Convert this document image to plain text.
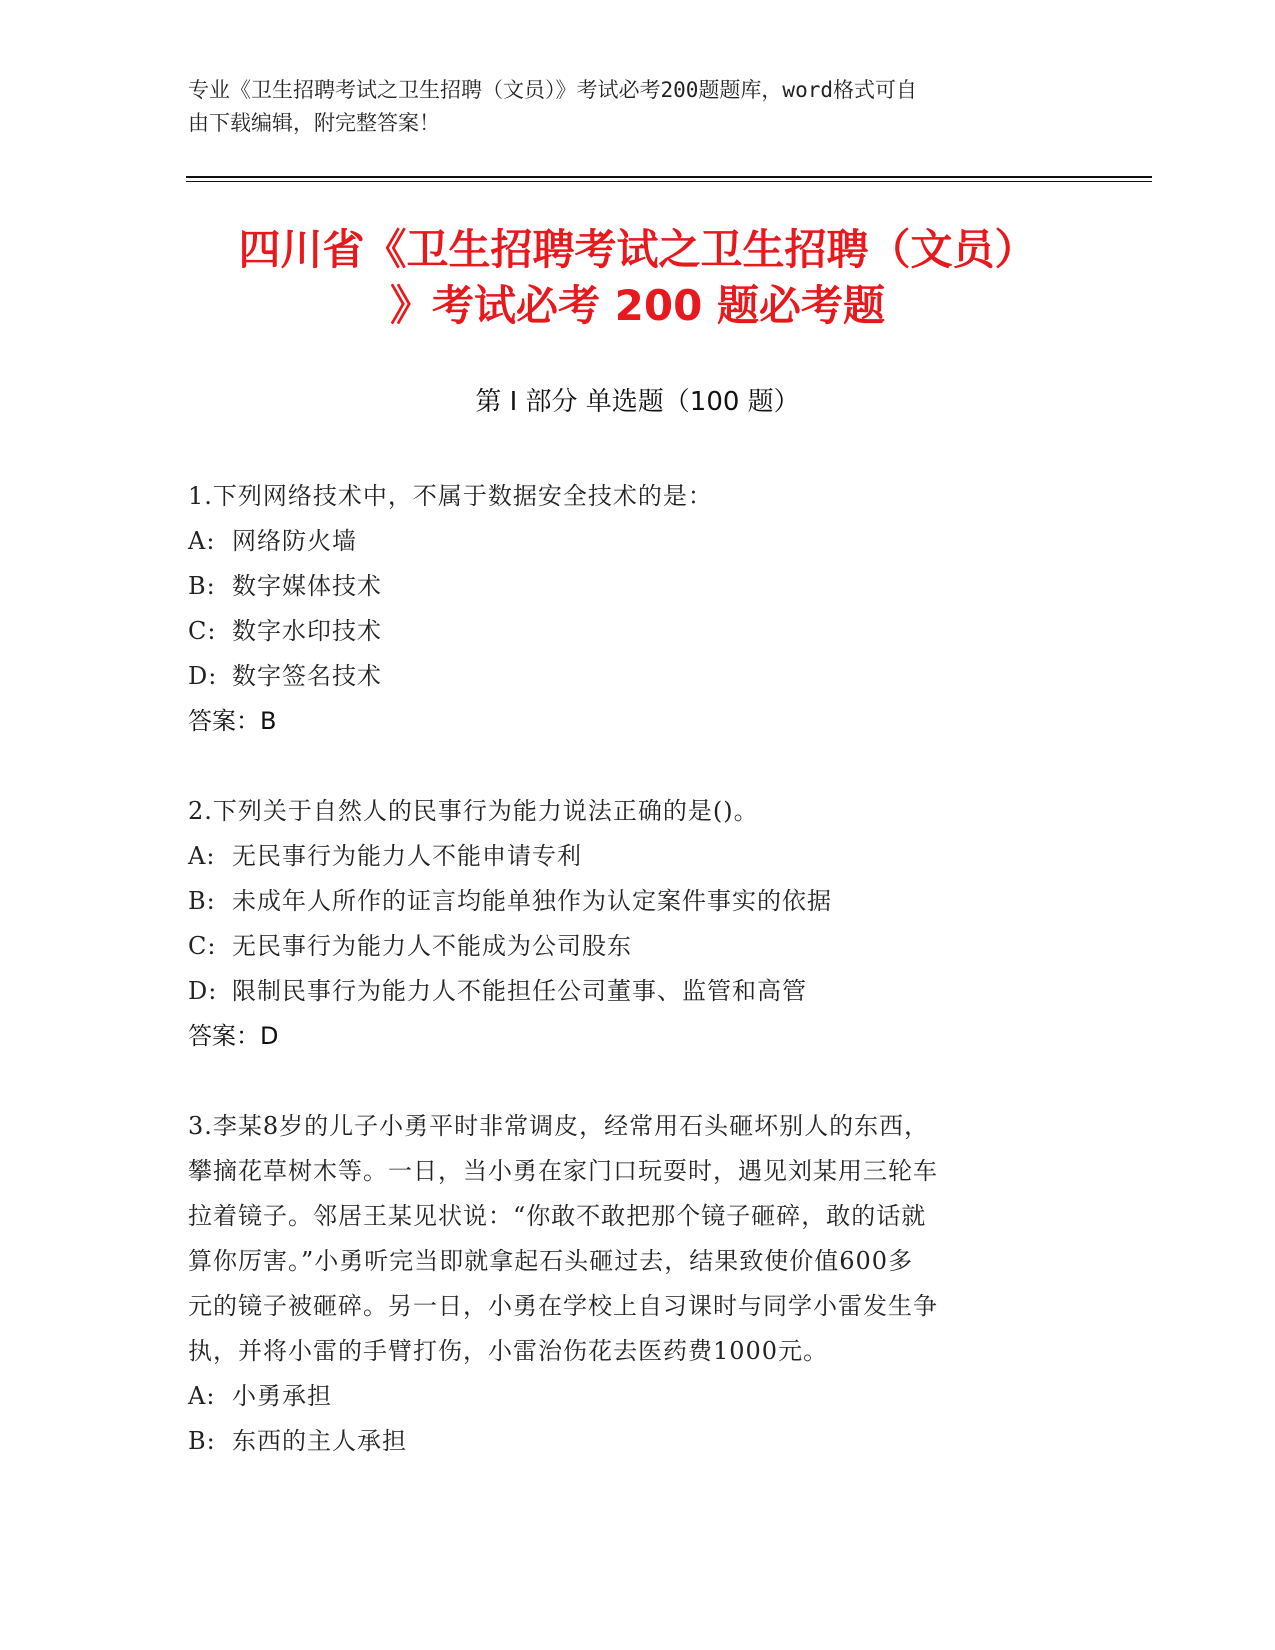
专业《卫生招聘考试之卫生招聘（文员）》考试必考200题题库，word格式可自
由下载编辑，附完整答案！
四川省《卫生招聘考试之卫生招聘（文员）
》考试必考 200 题必考题
第 I 部分 单选题（100 题）
1.下列网络技术中，不属于数据安全技术的是：
A: 网络防火墙
B: 数字媒体技术
C: 数字水印技术
D: 数字签名技术
答案：B
2.下列关于自然人的民事行为能力说法正确的是()。
A: 无民事行为能力人不能申请专利
B: 未成年人所作的证言均能单独作为认定案件事实的依据
C: 无民事行为能力人不能成为公司股东
D: 限制民事行为能力人不能担任公司董事、监管和高管
答案：D
3.李某8岁的儿子小勇平时非常调皮，经常用石头砸坏别人的东西，
攀摘花草树木等。一日，当小勇在家门口玩耍时，遇见刘某用三轮车
拉着镜子。邻居王某见状说：“你敢不敢把那个镜子砸碎，敢的话就
算你厉害。”小勇听完当即就拿起石头砸过去，结果致使价值600多
元的镜子被砸碎。另一日，小勇在学校上自习课时与同学小雷发生争
执，并将小雷的手臂打伤，小雷治伤花去医药费1000元。
A: 小勇承担
B: 东西的主人承担
